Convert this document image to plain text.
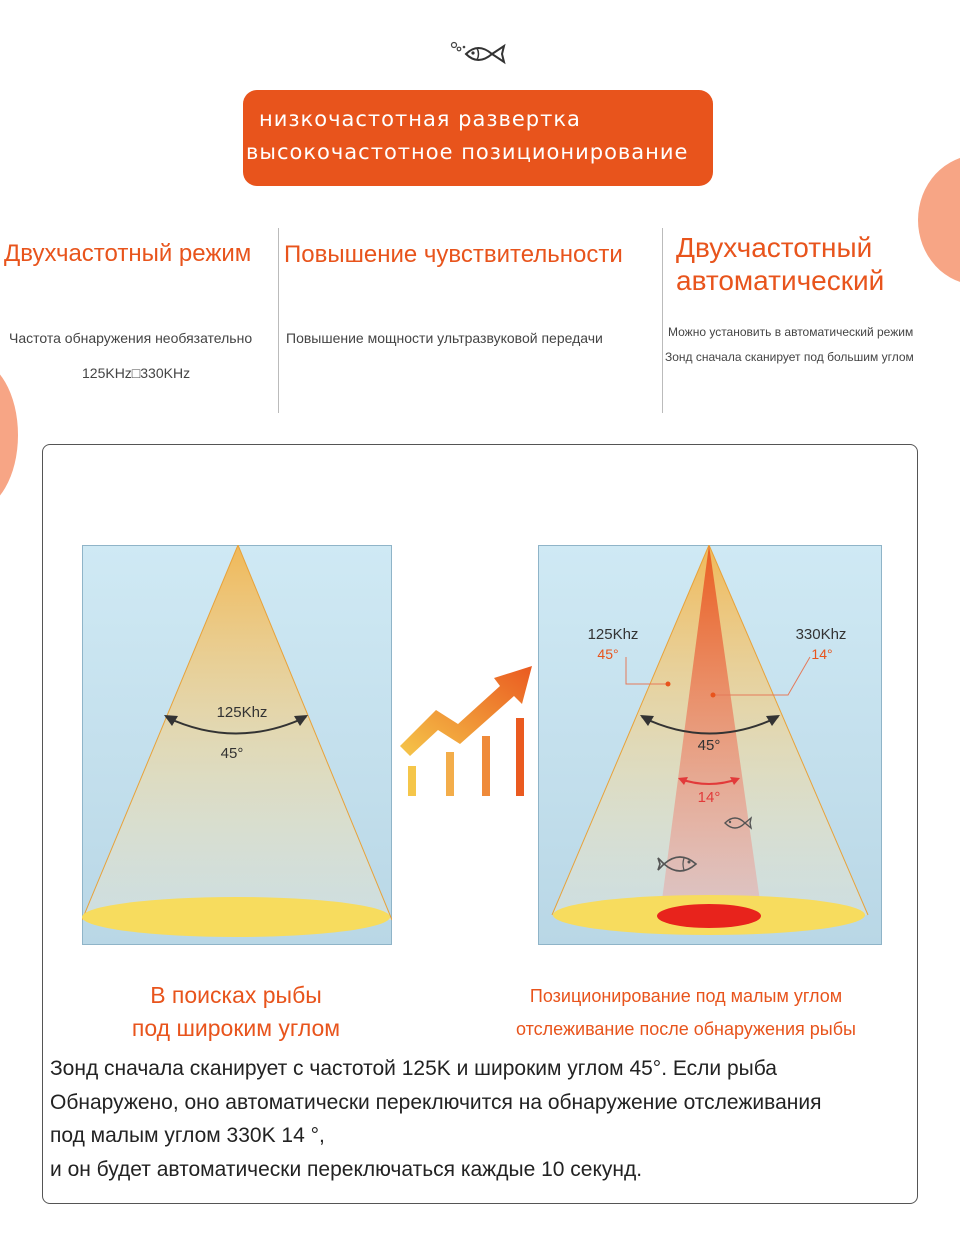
низкочастотная развертка
высокочастотное позиционирование
Двухчастотный режим
Частота обнаружения необязательно
125KHz□330KHz
Повышение чувствительности
Повышение мощности ультразвуковой передачи
Двухчастотный
автоматический
Можно установить в автоматический режим
Зонд сначала сканирует под большим углом
125Khz
45°
125Khz
45°
330Khz
14°
45°
14°
В поисках рыбы
под широким углом
Позиционирование под малым углом
отслеживание после обнаружения рыбы
Зонд сначала сканирует с частотой 125K и широким углом 45°. Если рыба
Обнаружено, оно автоматически переключится на обнаружение отслеживания
под малым углом 330K 14 °,
и он будет автоматически переключаться каждые 10 секунд.
